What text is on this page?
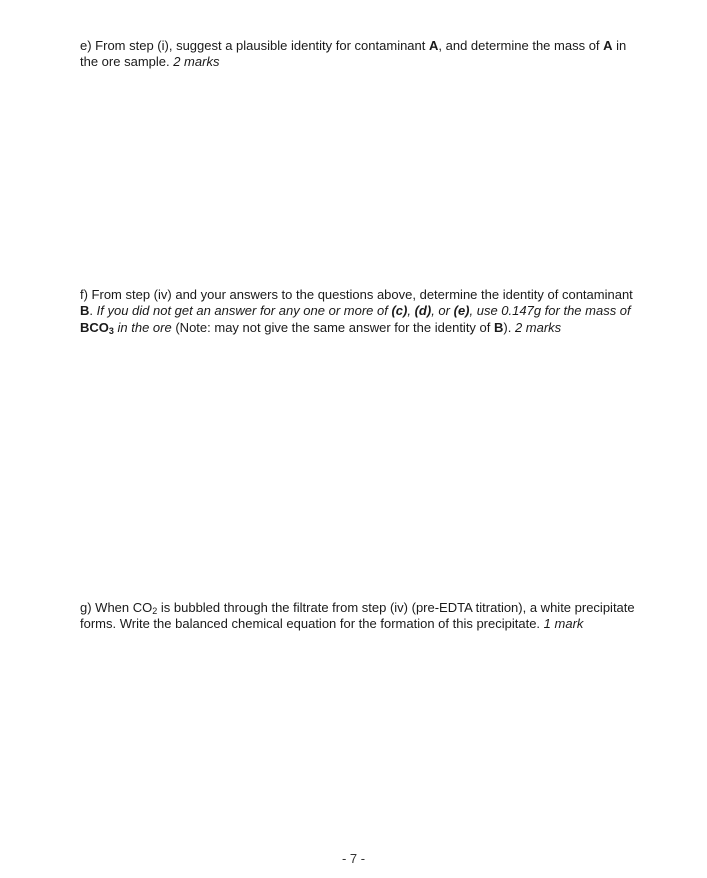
e) From step (i), suggest a plausible identity for contaminant A, and determine the mass of A in the ore sample. 2 marks

f) From step (iv) and your answers to the questions above, determine the identity of contaminant B. If you did not get an answer for any one or more of (c), (d), or (e), use 0.147g for the mass of $BCO_3$ in the ore (Note: may not give the same answer for the identity of B). 2 marks

g) When $CO_2$ is bubbled through the filtrate from step (iv) (pre-EDTA titration), a white precipitate forms. Write the balanced chemical equation for the formation of this precipitate. 1 mark

- 7 -
